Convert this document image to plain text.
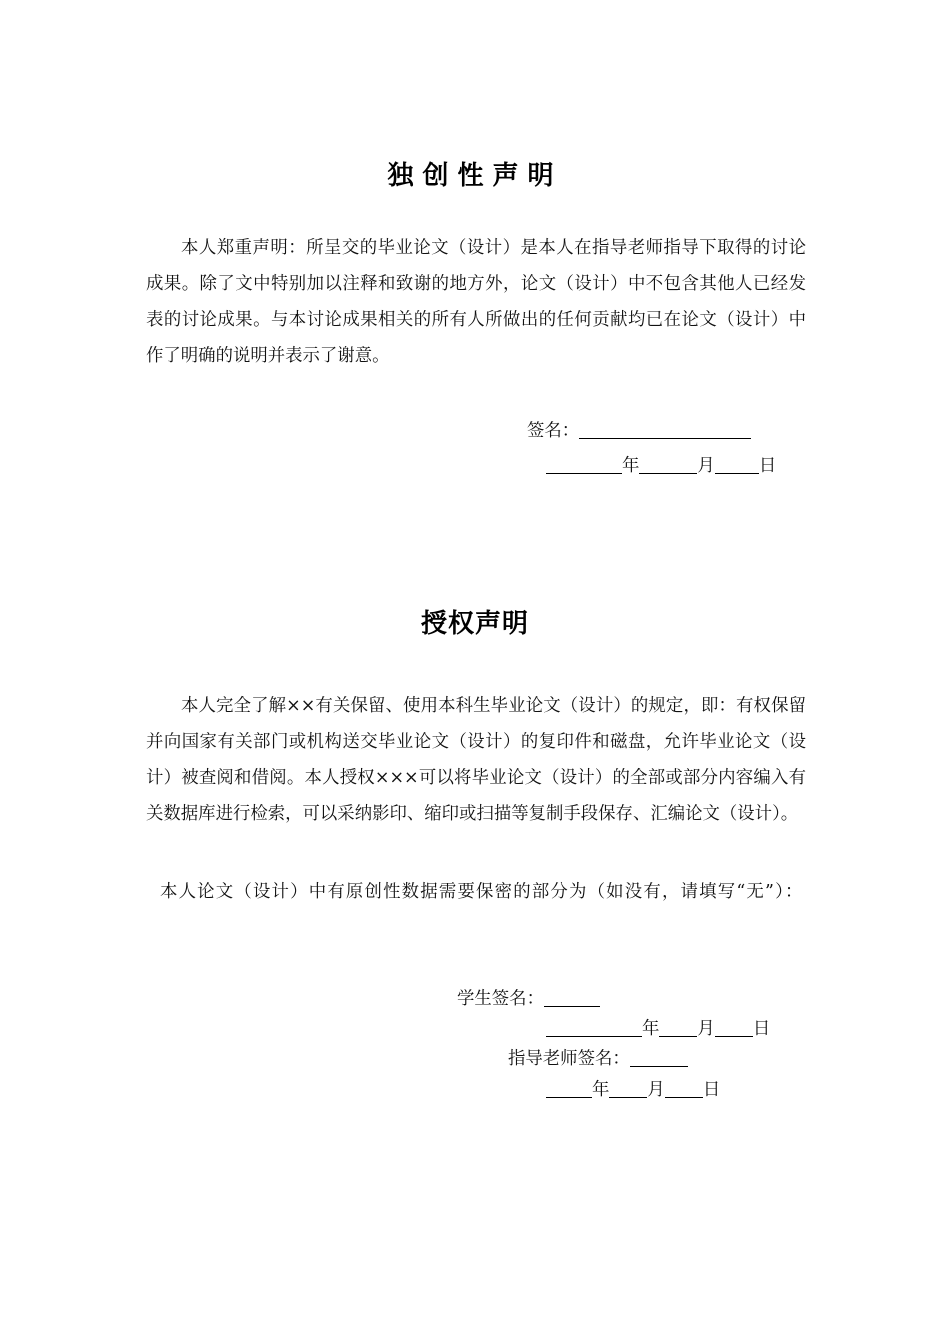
独创性声明

本人郑重声明：所呈交的毕业论文（设计）是本人在指导老师指导下取得的讨论成果。除了文中特别加以注释和致谢的地方外，论文（设计）中不包含其他人已经发表的讨论成果。与本讨论成果相关的所有人所做出的任何贡献均已在论文（设计）中作了明确的说明并表示了谢意。

签名：
年	月	日
授权声明

本人完全了解××有关保留、使用本科生毕业论文（设计）的规定，即：有权保留并向国家有关部门或机构送交毕业论文（设计）的复印件和磁盘，允许毕业论文（设计）被查阅和借阅。本人授权×××可以将毕业论文（设计）的全部或部分内容编入有关数据库进行检索，可以采纳影印、缩印或扫描等复制手段保存、汇编论文（设计）。

本人论文（设计）中有原创性数据需要保密的部分为（如没有，请填写“无”）：

学生签名：
年 月 日
指导老师签名：
年 月 日
